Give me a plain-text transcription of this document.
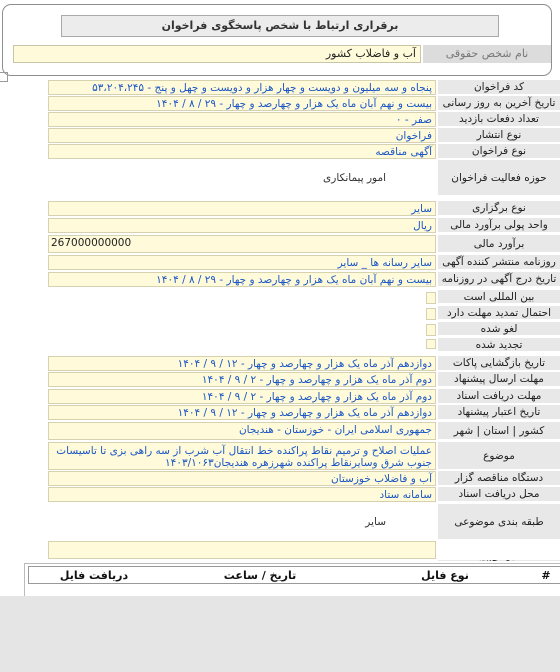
برقراری ارتباط با شخص پاسخگوی فراخوان
نام شخص حقوقی
آب و فاضلاب کشور
کد فراخوان
۵۳،۲۰۴،۲۴۵ - پنجاه و سه میلیون و دویست و چهار هزار و دویست و چهل و پنج
تاریخ آخرین به روز رسانی
۱۴۰۴ / ۸ / ۲۹ - بیست و نهم آبان ماه یک هزار و چهارصد و چهار
تعداد دفعات بازدید
۰ - صفر
نوع انتشار
فراخوان
نوع فراخوان
آگهی مناقصه
حوزه فعالیت فراخوان
امور پیمانکاری
نوع برگزاری
سایر
واحد پولی برآورد مالی
ریال
برآورد مالی
267000000000
روزنامه منتشر کننده آگهی
سایر رسانه ها _ سایر
تاریخ درج آگهی در روزنامه
۱۴۰۴ / ۸ / ۲۹ - بیست و نهم آبان ماه یک هزار و چهارصد و چهار
بین المللی است
احتمال تمدید مهلت دارد
لغو شده
تجدید شده
تاریخ بازگشایی پاکات
۱۴۰۴ / ۹ / ۱۲ - دوازدهم آذر ماه یک هزار و چهارصد و چهار
مهلت ارسال پیشنهاد
۱۴۰۴ / ۹ / ۲ - دوم آذر ماه یک هزار و چهارصد و چهار
مهلت دریافت اسناد
۱۴۰۴ / ۹ / ۲ - دوم آذر ماه یک هزار و چهارصد و چهار
تاریخ اعتبار پیشنهاد
۱۴۰۴ / ۹ / ۱۲ - دوازدهم آذر ماه یک هزار و چهارصد و چهار
کشور | استان | شهر
جمهوری اسلامی ایران - خوزستان - هندیجان
موضوع
عملیات اصلاح و ترمیم نقاط پراکنده خط انتقال آب شرب از سه راهی بزی تا تاسیسات جنوب شرق وسایرنقاط پراکنده شهرزهره هندیجان۱۴۰۳/۱۰۶۳
دستگاه مناقصه گزار
آب و فاضلاب خوزستان
محل دریافت اسناد
سامانه ستاد
طبقه بندی موضوعی
سایر
#
نوع فایل
تاریخ / ساعت
دریافت فایل
